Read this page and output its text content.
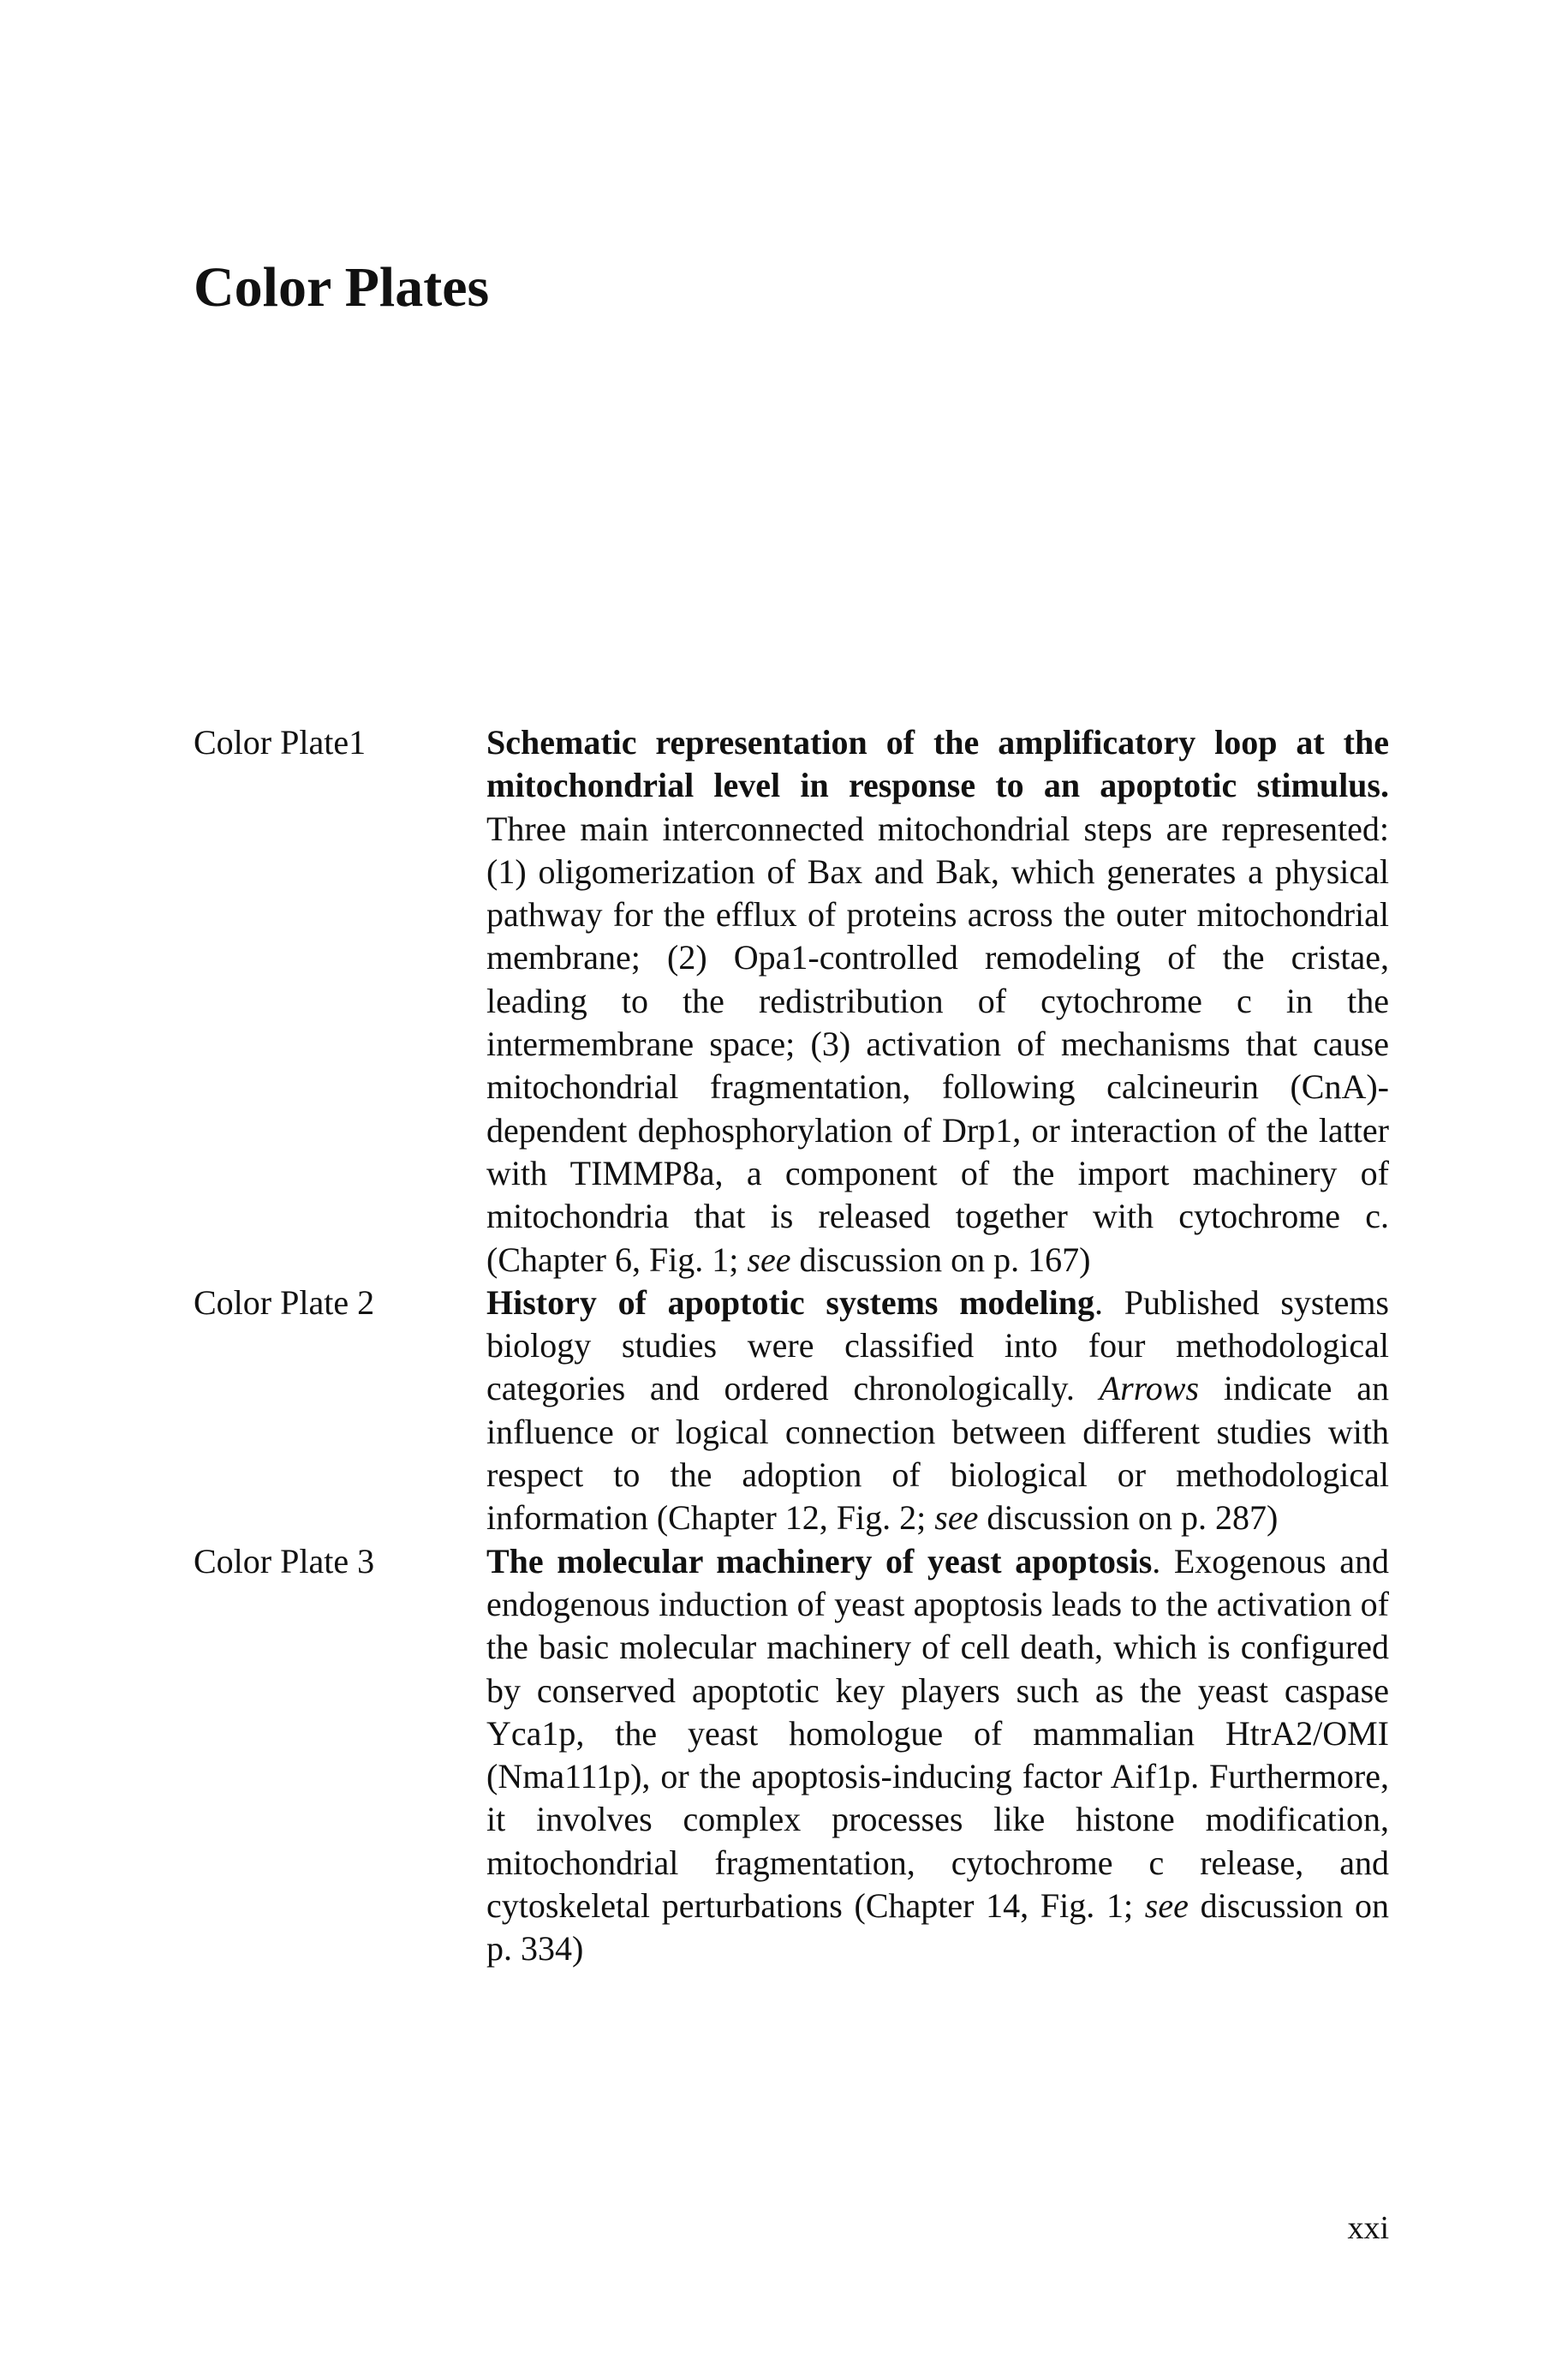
Color Plates
Color Plate1	Schematic representation of the amplificatory loop at the mitochondrial level in response to an apoptotic stimulus. Three main interconnected mitochondrial steps are represented: (1) oligomerization of Bax and Bak, which generates a physical pathway for the efflux of proteins across the outer mitochondrial membrane; (2) Opa1-controlled remodeling of the cristae, leading to the redistribution of cytochrome c in the intermembrane space; (3) activation of mechanisms that cause mitochondrial fragmentation, following calcineurin (CnA)-dependent dephosphorylation of Drp1, or interaction of the latter with TIMMP8a, a component of the import machinery of mitochondria that is released together with cytochrome c. (Chapter 6, Fig. 1; see discussion on p. 167)
Color Plate 2	History of apoptotic systems modeling. Published systems biology studies were classified into four methodological categories and ordered chronologically. Arrows indicate an influence or logical connection between different studies with respect to the adoption of biological or methodological information (Chapter 12, Fig. 2; see discussion on p. 287)
Color Plate 3	The molecular machinery of yeast apoptosis. Exogenous and endogenous induction of yeast apoptosis leads to the activation of the basic molecular machinery of cell death, which is configured by conserved apoptotic key players such as the yeast caspase Yca1p, the yeast homologue of mammalian HtrA2/OMI (Nma111p), or the apoptosis-inducing factor Aif1p. Furthermore, it involves complex processes like histone modification, mitochondrial fragmentation, cytochrome c release, and cytoskeletal perturbations (Chapter 14, Fig. 1; see discussion on p. 334)
xxi
